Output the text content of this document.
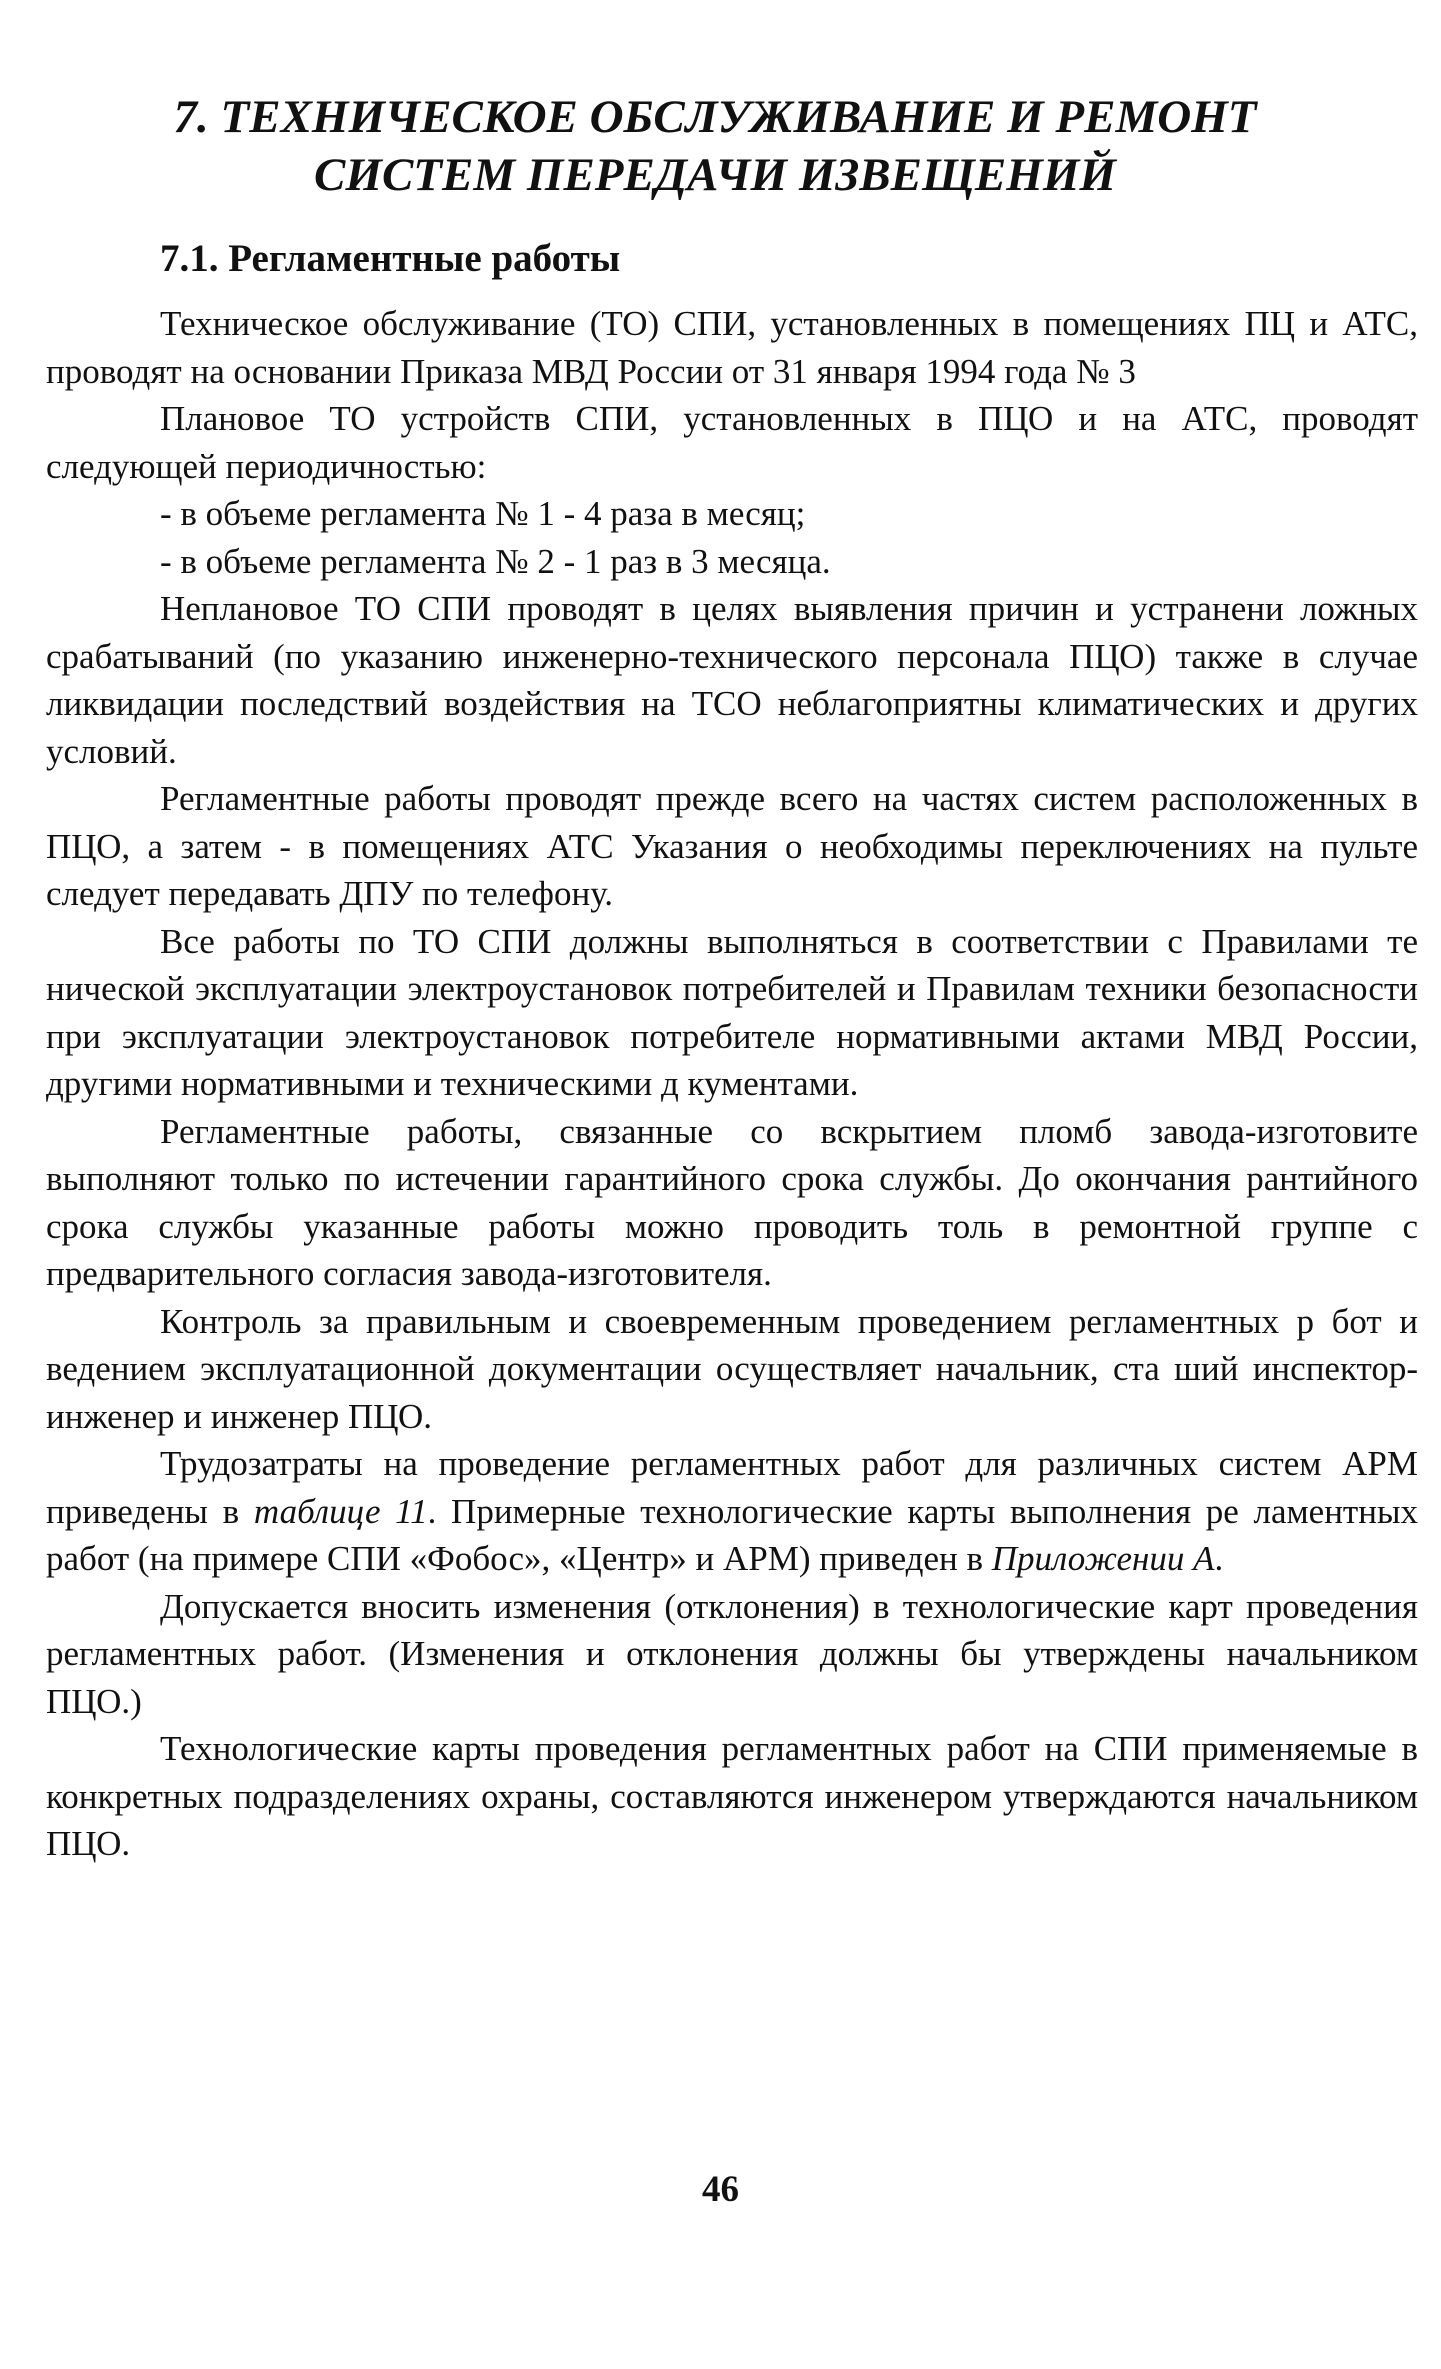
7. ТЕХНИЧЕСКОЕ ОБСЛУЖИВАНИЕ И РЕМОНТ
СИСТЕМ ПЕРЕДАЧИ ИЗВЕЩЕНИЙ
7.1. Регламентные работы

Техническое обслуживание (ТО) СПИ, установленных в помещениях ПЦ и АТС, проводят на основании Приказа МВД России от 31 января 1994 года № 3

Плановое ТО устройств СПИ, установленных в ПЦО и на АТС, проводят следующей периодичностью:

- в объеме регламента № 1 - 4 раза в месяц;

- в объеме регламента № 2 - 1 раз в 3 месяца.

Неплановое ТО СПИ проводят в целях выявления причин и устранени ложных срабатываний (по указанию инженерно-технического персонала ПЦО) также в случае ликвидации последствий воздействия на ТСО неблагоприятны климатических и других условий.

Регламентные работы проводят прежде всего на частях систем расположенных в ПЦО, а затем - в помещениях АТС Указания о необходимы переключениях на пульте следует передавать ДПУ по телефону.

Все работы по ТО СПИ должны выполняться в соответствии с Правилами те нической эксплуатации электроустановок потребителей и Правилам техники безопасности при эксплуатации электроустановок потребителе нормативными актами МВД России, другими нормативными и техническими д кументами.

Регламентные работы, связанные со вскрытием пломб завода-изготовите выполняют только по истечении гарантийного срока службы. До окончания рантийного срока службы указанные работы можно проводить толь в ремонтной группе с предварительного согласия завода-изготовителя.

Контроль за правильным и своевременным проведением регламентных р бот и ведением эксплуатационной документации осуществляет начальник, ста ший инспектор-инженер и инженер ПЦО.

Трудозатраты на проведение регламентных работ для различных систем АРМ приведены в таблице 11. Примерные технологические карты выполнения ре ламентных работ (на примере СПИ «Фобос», «Центр» и АРМ) приведен в Приложении А.

Допускается вносить изменения (отклонения) в технологические карт проведения регламентных работ. (Изменения и отклонения должны бы утверждены начальником ПЦО.)

Технологические карты проведения регламентных работ на СПИ применяемые в конкретных подразделениях охраны, составляются инженером утверждаются начальником ПЦО.

46
